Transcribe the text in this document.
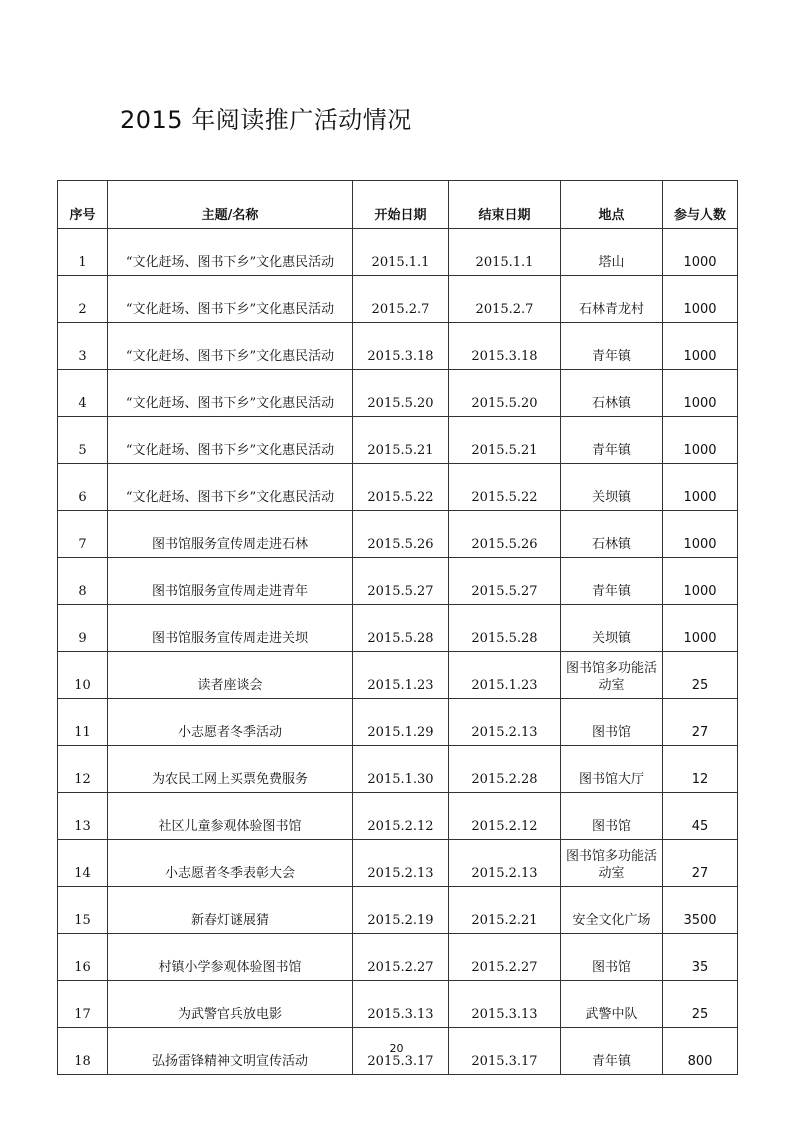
2015 年阅读推广活动情况
序号	主题/名称	开始日期	结束日期	地点	参与人数
1	“文化赶场、图书下乡”文化惠民活动	2015.1.1	2015.1.1	塔山	1000
2	“文化赶场、图书下乡”文化惠民活动	2015.2.7	2015.2.7	石林青龙村	1000
3	“文化赶场、图书下乡”文化惠民活动	2015.3.18	2015.3.18	青年镇	1000
4	“文化赶场、图书下乡”文化惠民活动	2015.5.20	2015.5.20	石林镇	1000
5	“文化赶场、图书下乡”文化惠民活动	2015.5.21	2015.5.21	青年镇	1000
6	“文化赶场、图书下乡”文化惠民活动	2015.5.22	2015.5.22	关坝镇	1000
7	图书馆服务宣传周走进石林	2015.5.26	2015.5.26	石林镇	1000
8	图书馆服务宣传周走进青年	2015.5.27	2015.5.27	青年镇	1000
9	图书馆服务宣传周走进关坝	2015.5.28	2015.5.28	关坝镇	1000
10	读者座谈会	2015.1.23	2015.1.23	图书馆多功能活动室	25
11	小志愿者冬季活动	2015.1.29	2015.2.13	图书馆	27
12	为农民工网上买票免费服务	2015.1.30	2015.2.28	图书馆大厅	12
13	社区儿童参观体验图书馆	2015.2.12	2015.2.12	图书馆	45
14	小志愿者冬季表彰大会	2015.2.13	2015.2.13	图书馆多功能活动室	27
15	新春灯谜展猜	2015.2.19	2015.2.21	安全文化广场	3500
16	村镇小学参观体验图书馆	2015.2.27	2015.2.27	图书馆	35
17	为武警官兵放电影	2015.3.13	2015.3.13	武警中队	25
18	弘扬雷锋精神文明宣传活动	2015.3.17	2015.3.17	青年镇	800
20
